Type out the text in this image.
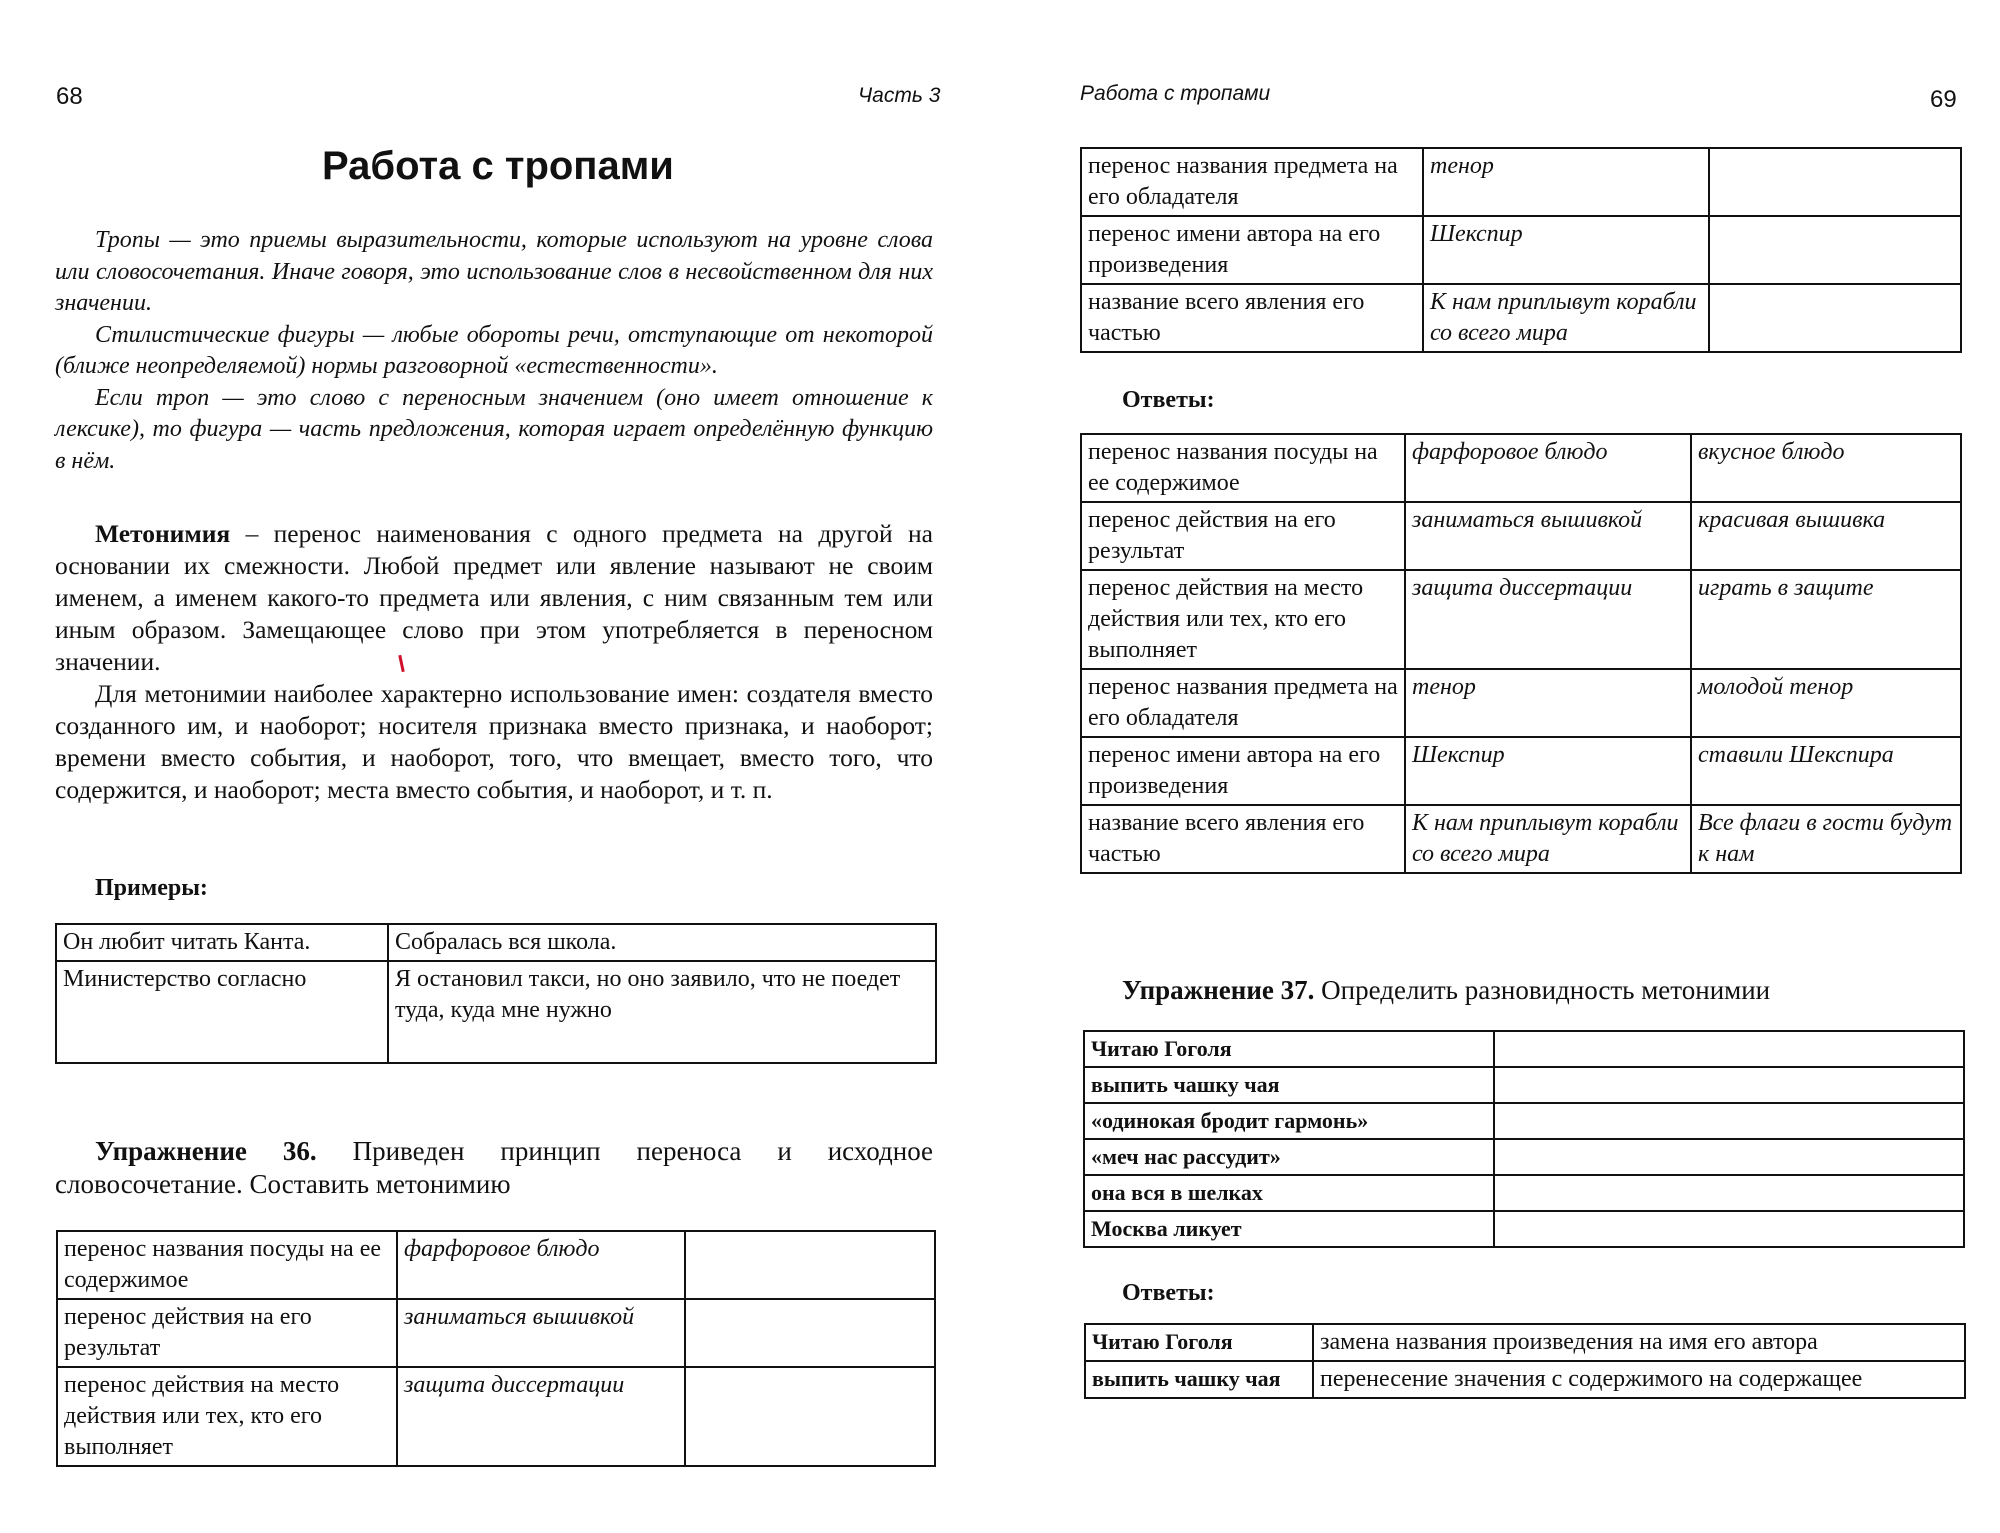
68	Часть 3
Работа с тропами

Тропы — это приемы выразительности, которые используют на уровне слова или словосочетания. Иначе говоря, это использование слов в несвойственном для них значении.

Стилистические фигуры — любые обороты речи, отступающие от некоторой (ближе неопределяемой) нормы разговорной «естественности».

Если троп — это слово с переносным значением (оно имеет отношение к лексике), то фигура — часть предложения, которая играет определённую функцию в нём.

Метонимия – перенос наименования с одного предмета на другой на основании их смежности. Любой предмет или явление называют не своим именем, а именем какого-то предмета или явления, с ним связанным тем или иным образом. Замещающее слово при этом употребляется в переносном значении.

Для метонимии наиболее характерно использование имен: создателя вместо созданного им, и наоборот; носителя признака вместо признака, и наоборот; времени вместо события, и наоборот, того, что вмещает, вместо того, что содержится, и наоборот; места вместо события, и наоборот, и т. п.

Примеры:
Он любит читать Канта.	Собралась вся школа.
Министерство согласно	Я остановил такси, но оно заявило, что не поедет туда, куда мне нужно

Упражнение 36. Приведен принцип переноса и исходное словосочетание. Составить метонимию

перенос названия посуды на ее содержимое	фарфоровое блюдо	
перенос действия на его результат	заниматься вышивкой	
перенос действия на место действия или тех, кто его выполняет	защита диссертации	
Работа с тропами	69
перенос названия предмета на его обладателя	тенор	
перенос имени автора на его произведения	Шекспир	
название всего явления его частью	К нам приплывут корабли со всего мира	
Ответы:
перенос названия посуды на ее содержимое	фарфоровое блюдо	вкусное блюдо
перенос действия на его результат	заниматься вышивкой	красивая вышивка
перенос действия на место действия или тех, кто его выполняет	защита диссертации	играть в защите
перенос названия предмета на его обладателя	тенор	молодой тенор
перенос имени автора на его произведения	Шекспир	ставили Шекспира
название всего явления его частью	К нам приплывут корабли со всего мира	Все флаги в гости будут к нам

Упражнение 37. Определить разновидность метонимии

Читаю Гоголя	
выпить чашку чая	
«одинокая бродит гармонь»	
«меч нас рассудит»	
она вся в шелках	
Москва ликует	
Ответы:
Читаю Гоголя	замена названия произведения на имя его автора
выпить чашку чая	перенесение значения с содержимого на содержащее
